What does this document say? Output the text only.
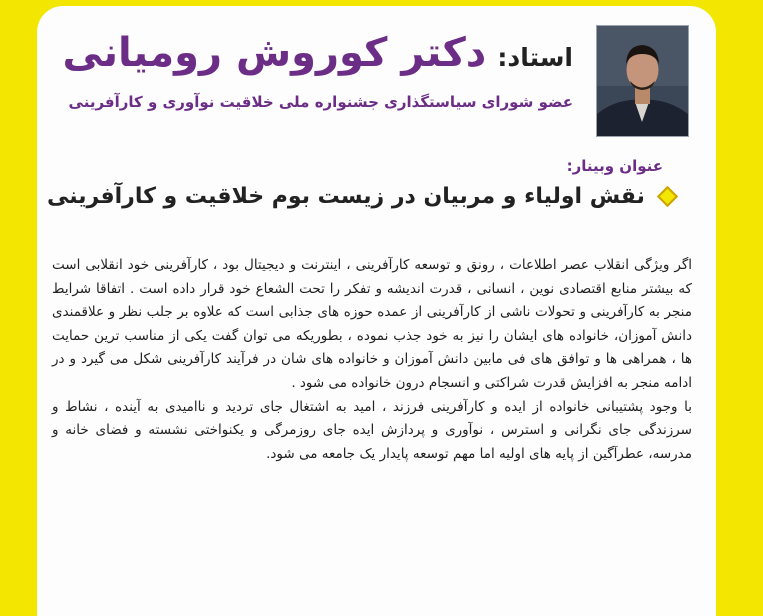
استاد: دکتر کوروش رومیانی
عضو شورای سیاستگذاری جشنواره ملی خلاقیت نوآوری و کارآفرینی
عنوان وبینار:
نقش اولیاء و مربیان در زیست بوم خلاقیت و کارآفرینی

اگر ویژگی انقلاب عصر اطلاعات ، رونق و توسعه کارآفرینی ، اینترنت و دیجیتال بود ، کارآفرینی خود انقلابی است که بیشتر منابع اقتصادی نوین ، انسانی ، قدرت اندیشه و تفکر را تحت الشعاع خود قرار داده است . اتفاقا شرایط منجر به کارآفرینی و تحولات ناشی از کارآفرینی از عمده حوزه های جذابی است که علاوه بر جلب نظر و علاقمندی دانش آموزان، خانواده های ایشان را نیز به خود جذب نموده ، بطوریکه می توان گفت یکی از مناسب ترین حمایت ها ، همراهی ها و توافق های فی مابین دانش آموزان و خانواده های شان در فرآیند کارآفرینی شکل می گیرد و در ادامه منجر به افزایش قدرت شراکتی و انسجام درون خانواده می شود .

با وجود پشتیبانی خانواده از ایده و کارآفرینی فرزند ، امید به اشتغال جای تردید و ناامیدی به آینده ، نشاط و سرزندگی جای نگرانی و استرس ، نوآوری و پردازش ایده جای روزمرگی و یکنواختی نشسته و فضای خانه و مدرسه، عطرآگین از پایه های اولیه اما مهم توسعه پایدار یک جامعه می شود.
